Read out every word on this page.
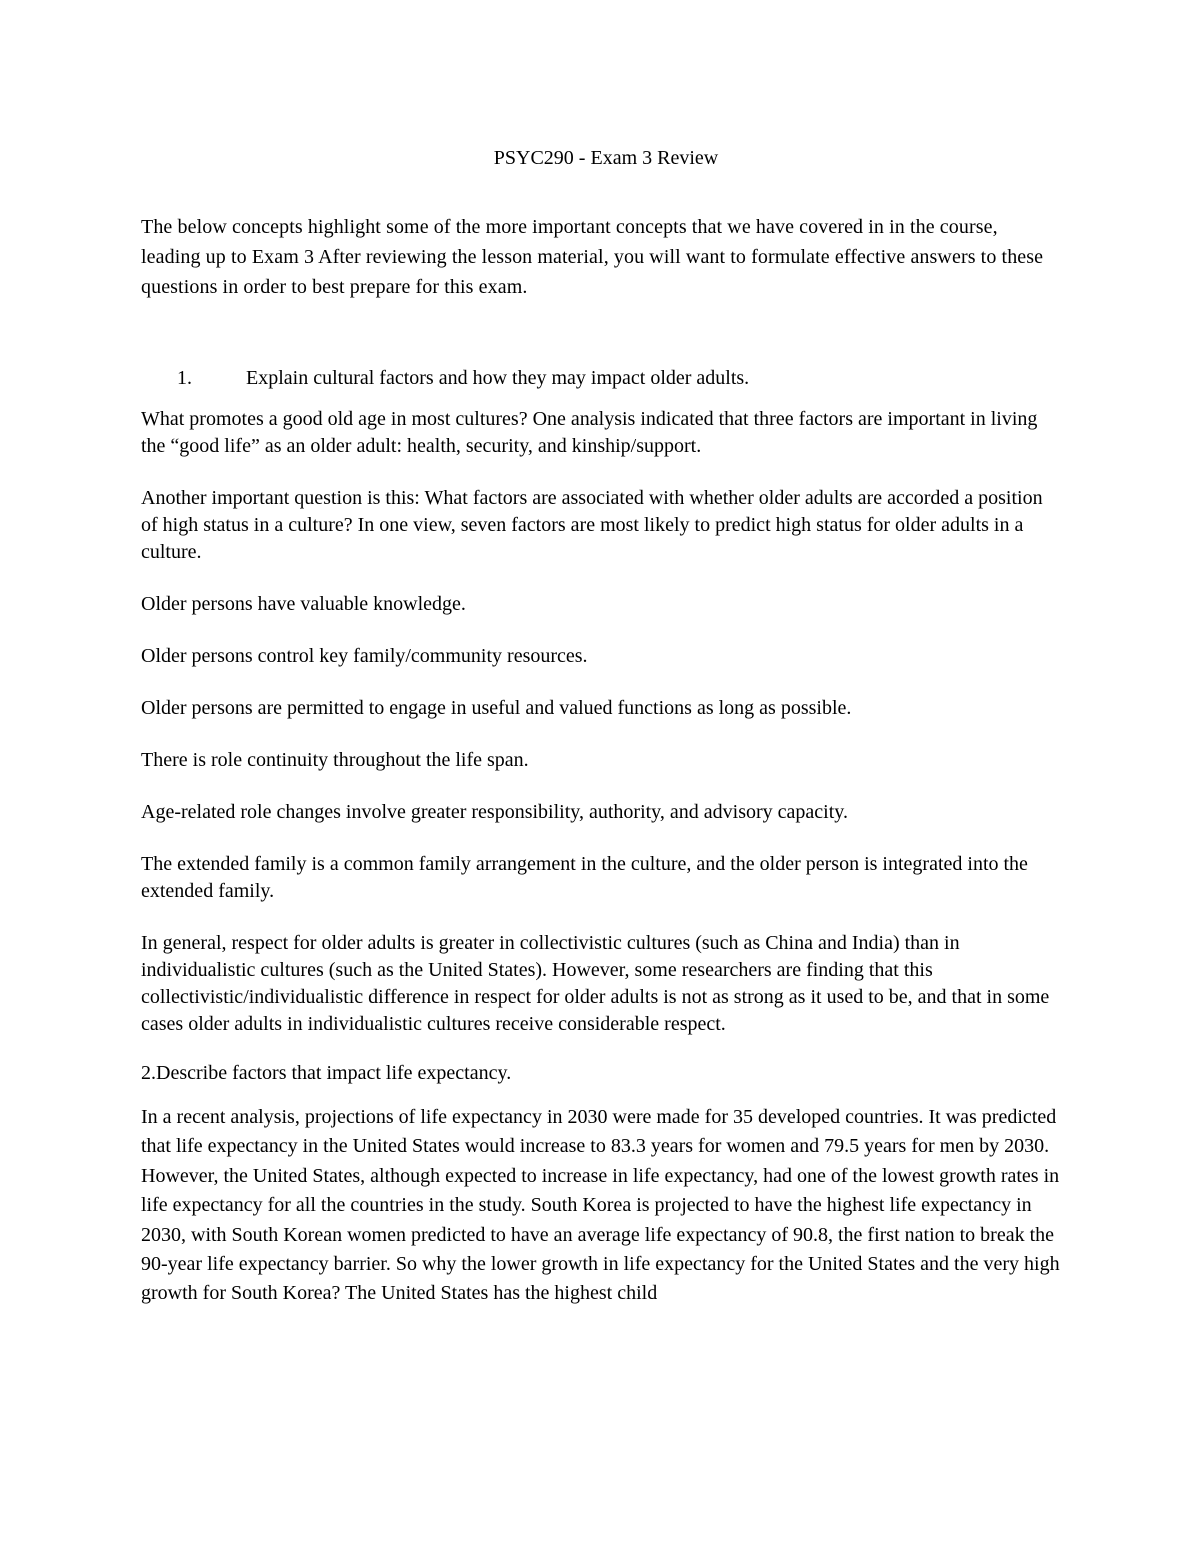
PSYC290 - Exam 3 Review
The below concepts highlight some of the more important concepts that we have covered in in the course, leading up to Exam 3 After reviewing the lesson material, you will want to formulate effective answers to these questions in order to best prepare for this exam.
1.	Explain cultural factors and how they may impact older adults.
What promotes a good old age in most cultures? One analysis indicated that three factors are important in living the “good life” as an older adult: health, security, and kinship/support.
Another important question is this: What factors are associated with whether older adults are accorded a position of high status in a culture? In one view, seven factors are most likely to predict high status for older adults in a culture.
Older persons have valuable knowledge.
Older persons control key family/community resources.
Older persons are permitted to engage in useful and valued functions as long as possible.
There is role continuity throughout the life span.
Age-related role changes involve greater responsibility, authority, and advisory capacity.
The extended family is a common family arrangement in the culture, and the older person is integrated into the extended family.
In general, respect for older adults is greater in collectivistic cultures (such as China and India) than in individualistic cultures (such as the United States). However, some researchers are finding that this collectivistic/individualistic difference in respect for older adults is not as strong as it used to be, and that in some cases older adults in individualistic cultures receive considerable respect.
2.Describe factors that impact life expectancy.
In a recent analysis, projections of life expectancy in 2030 were made for 35 developed countries. It was predicted that life expectancy in the United States would increase to 83.3 years for women and 79.5 years for men by 2030. However, the United States, although expected to increase in life expectancy, had one of the lowest growth rates in life expectancy for all the countries in the study. South Korea is projected to have the highest life expectancy in 2030, with South Korean women predicted to have an average life expectancy of 90.8, the first nation to break the 90-year life expectancy barrier. So why the lower growth in life expectancy for the United States and the very high growth for South Korea? The United States has the highest child
